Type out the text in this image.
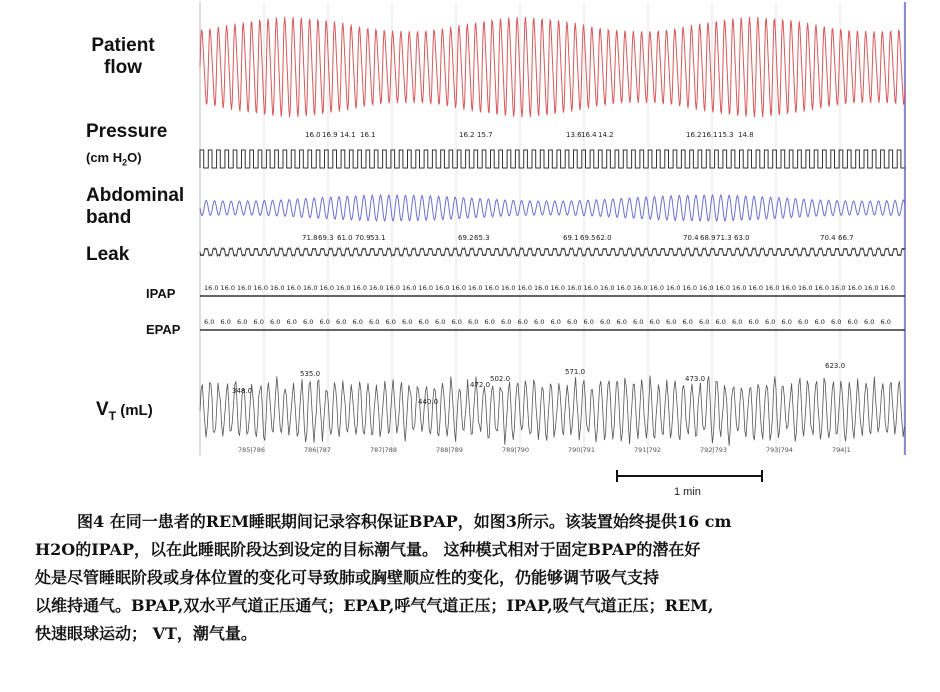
16.0 16.9 14.1 16.1	16.2 15.7	13.6 16.4 14.2	16.2 16.1 15.3 14.8
71.8 69.3 61.0 70.9 53.1	69.2 65.3	69.1 69.5 62.0	70.4 68.9 71.3 63.0	70.4 66.7
16.0 16.0 16.0 16.0 16.0 16.0 16.0 16.0 16.0 16.0 16.0 16.0 16.0 16.0 16.0 16.0 16.0 16.0 16.0 16.0 16.0 16.0 16.0 16.0 16.0 16.0 16.0 16.0 16.0 16.0 16.0 16.0 16.0 16.0 16.0 16.0 16.0 16.0 16.0 16.0 16.0 16.0
6.0 6.0 6.0 6.0 6.0 6.0 6.0 6.0 6.0 6.0 6.0 6.0 6.0 6.0 6.0 6.0 6.0 6.0 6.0 6.0 6.0 6.0 6.0 6.0 6.0 6.0 6.0 6.0 6.0 6.0 6.0 6.0 6.0 6.0 6.0 6.0 6.0 6.0 6.0 6.0 6.0 6.0
535.0
348.0
472.0
502.0
571.0
473.0
623.0
440.0
785|786	786|787	787|788	788|789	789|790	790|791	791|792	792|793	793|794	794|1
Patient
flow
Pressure
(cm $H_2O$)
Abdominal
band
Leak
IPAP
EPAP
$V_T$ (mL)
1 min

图4 在同一患者的REM睡眠期间记录容积保证BPAP，如图3所示。该装置始终提供16 cm

H2O的IPAP，以在此睡眠阶段达到设定的目标潮气量。 这种模式相对于固定BPAP的潜在好

处是尽管睡眠阶段或身体位置的变化可导致肺或胸壁顺应性的变化，仍能够调节吸气支持

以维持通气。BPAP,双水平气道正压通气；EPAP,呼气气道正压；IPAP,吸气气道正压；REM,

快速眼球运动； VT，潮气量。
